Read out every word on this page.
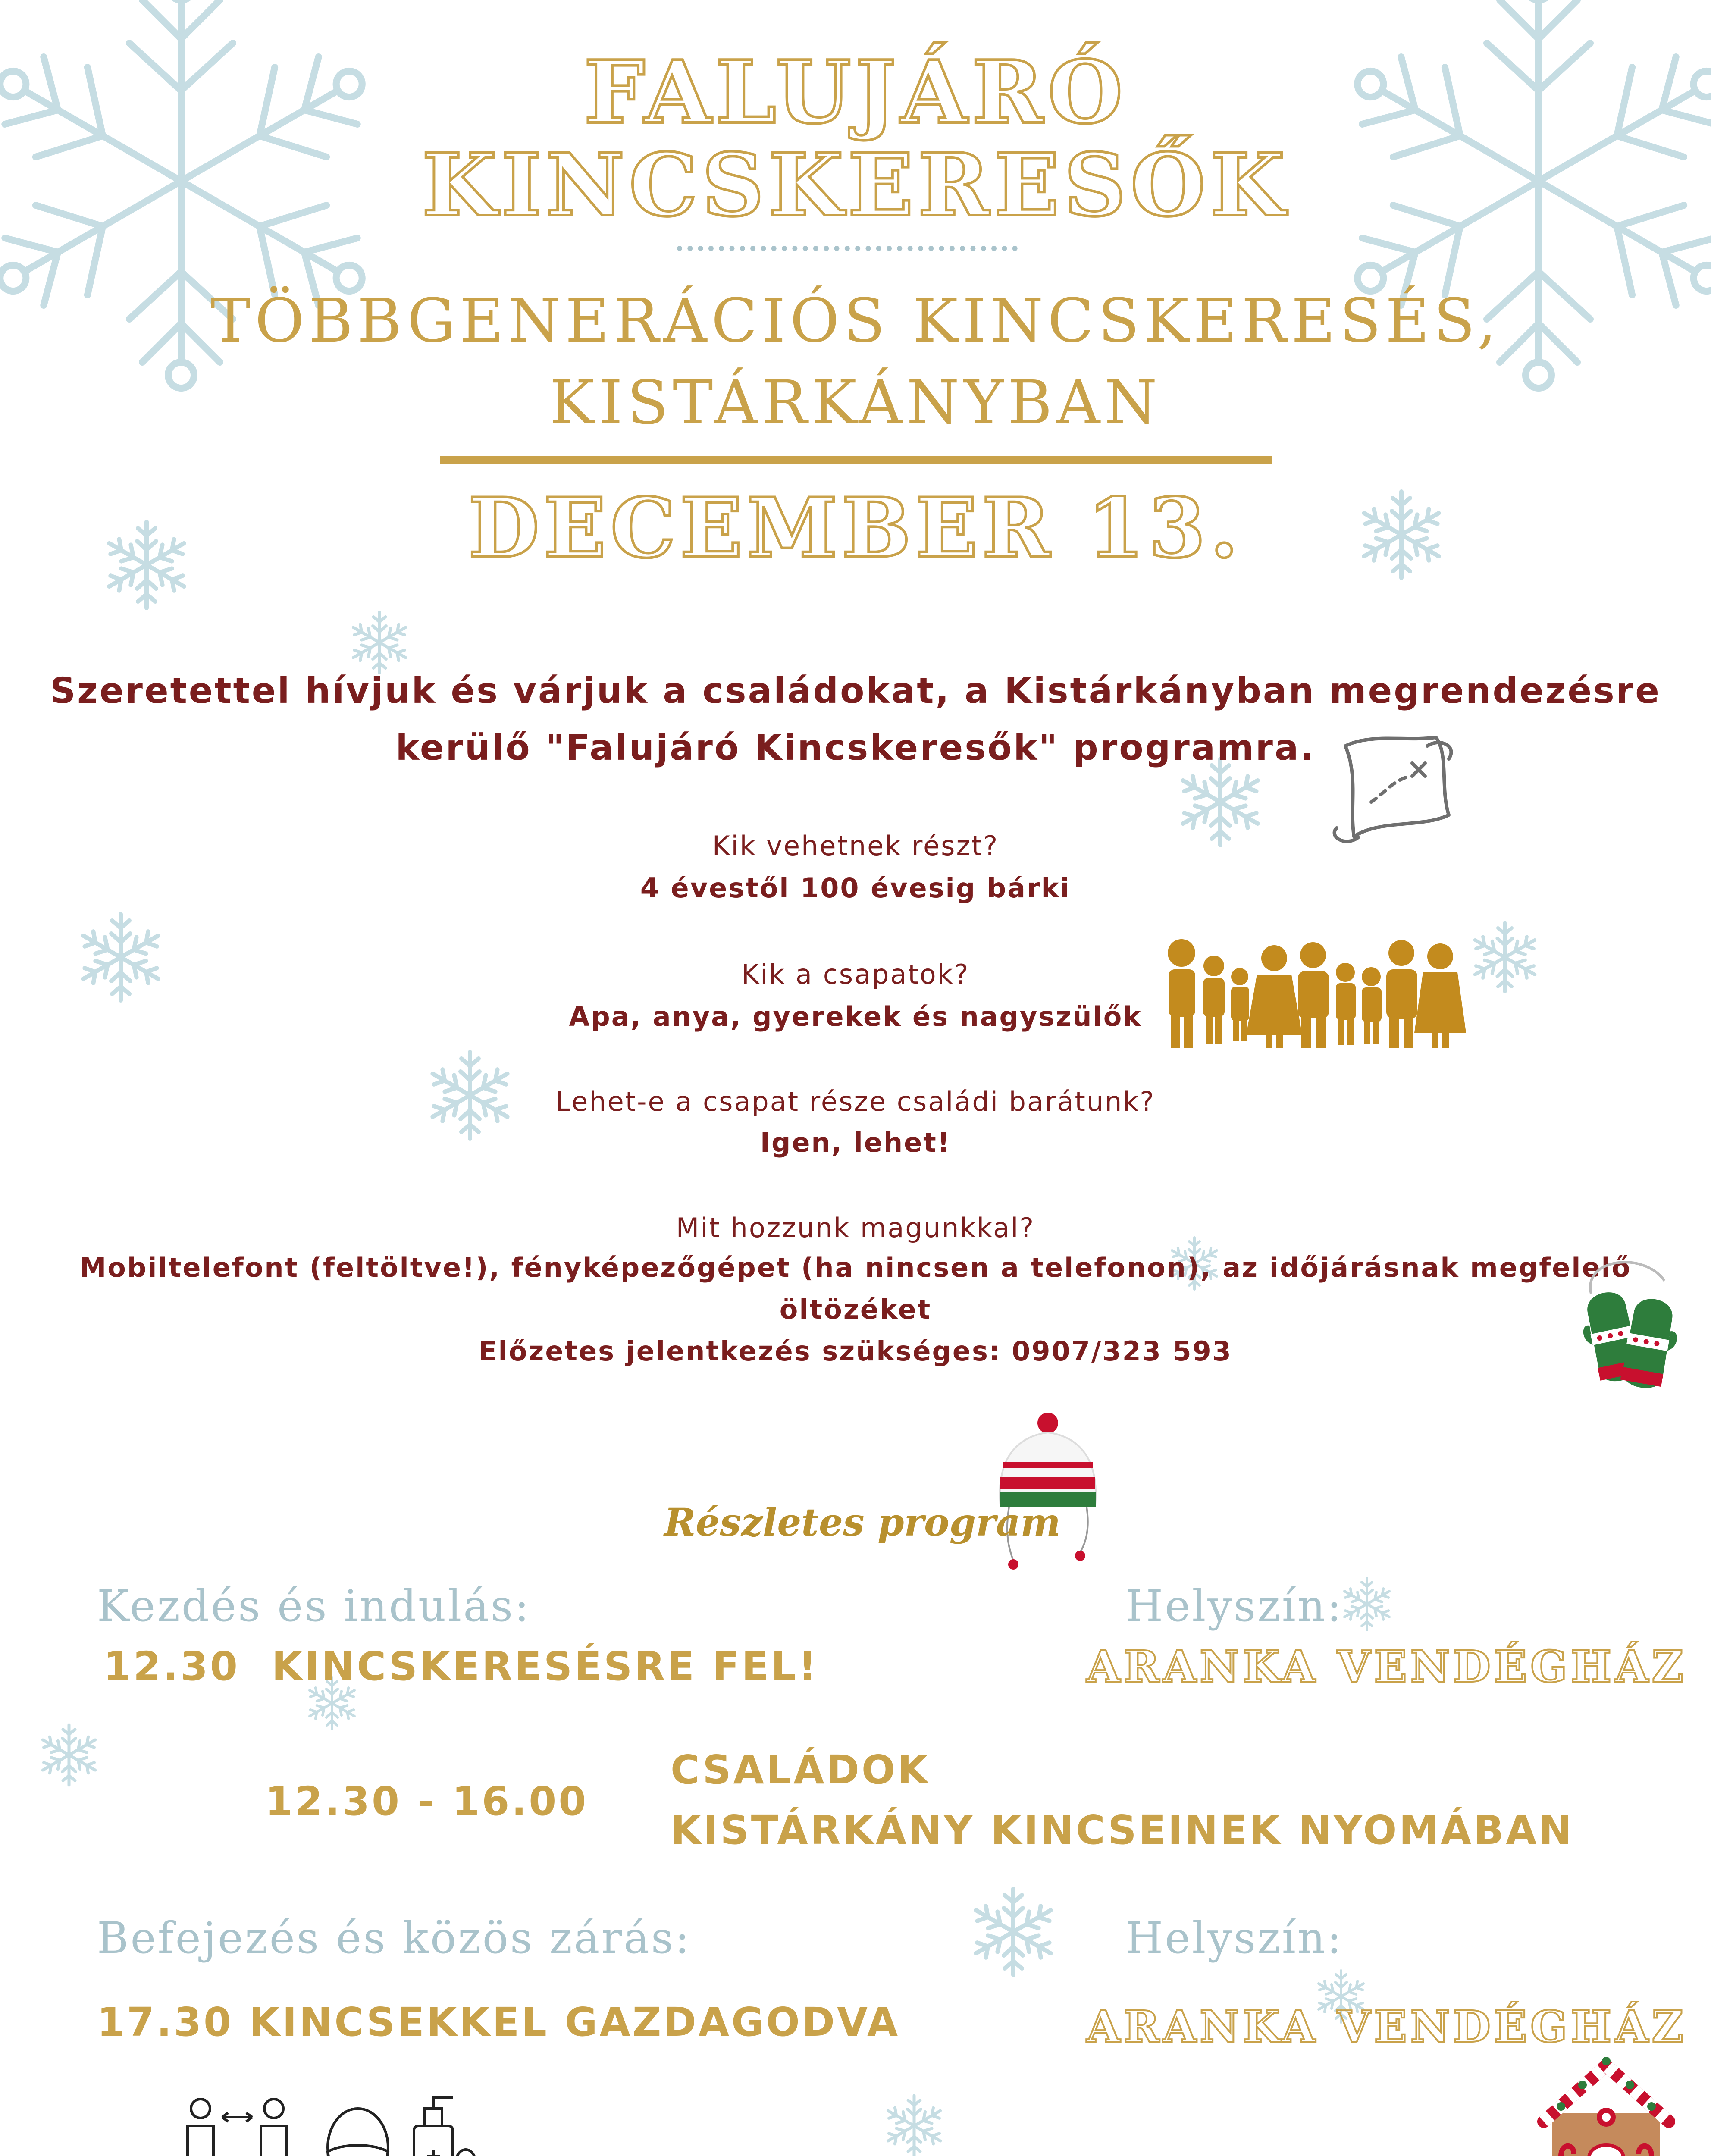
FALUJÁRÓ
KINCSKERESŐK
TÖBBGENERÁCIÓS KINCSKERESÉS,
KISTÁRKÁNYBAN
DECEMBER 13.
Szeretettel hívjuk és várjuk a családokat, a Kistárkányban megrendezésre
kerülő "Falujáró Kincskeresők" programra.
Kik vehetnek részt?
4 évestől 100 évesig bárki
Kik a csapatok?
Apa, anya, gyerekek és nagyszülők
Lehet-e a csapat része családi barátunk?
Igen, lehet!
Mit hozzunk magunkkal?
Mobiltelefont (feltöltve!), fényképezőgépet (ha nincsen a telefonon), az időjárásnak megfelelő
öltözéket
Előzetes jelentkezés szükséges: 0907/323 593
Részletes program
Kezdés és indulás:
12.30  KINCSKERESÉSRE FEL!
Helyszín:
ARANKA VENDÉGHÁZ
12.30 - 16.00
CSALÁDOK
KISTÁRKÁNY KINCSEINEK NYOMÁBAN
Befejezés és közös zárás:
17.30 KINCSEKKEL GAZDAGODVA
Helyszín:
ARANKA VENDÉGHÁZ
